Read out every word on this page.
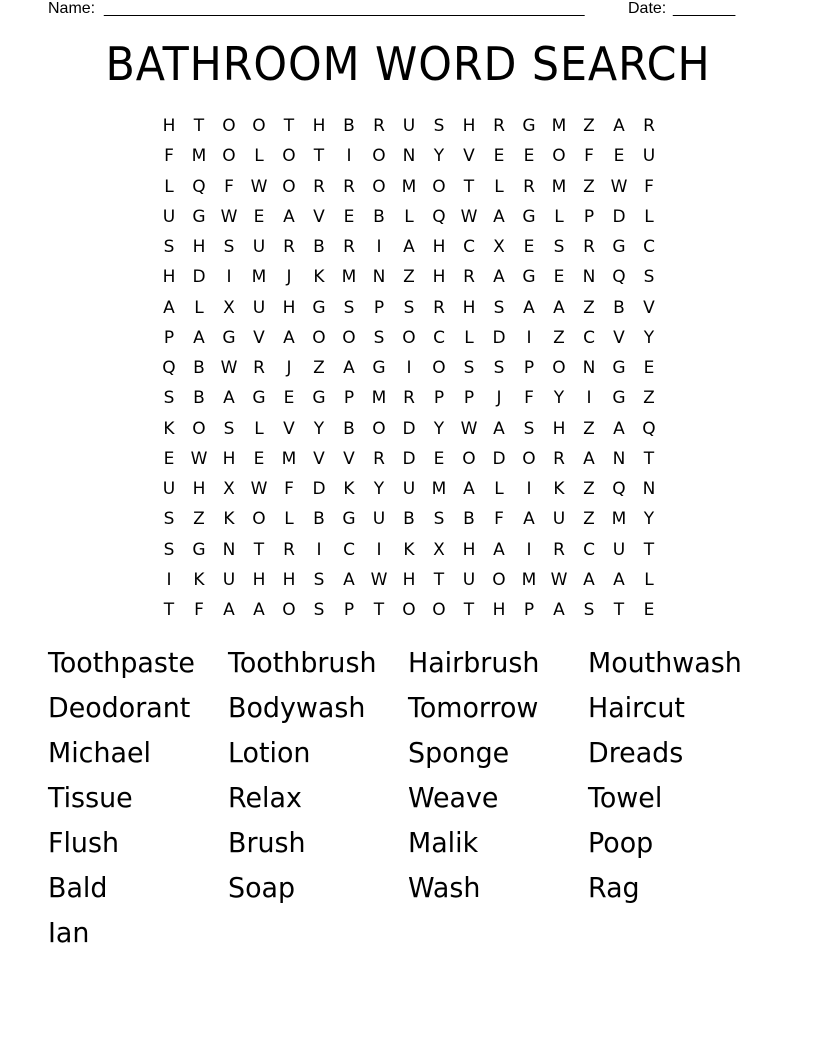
Name: ______________________________________________________	Date: _______
BATHROOM WORD SEARCH
H	T	O O	T	H	B	R	U	S	H	R	G M Z	A	R
F	M O	L	O	T	I	O N	Y	V	E	E	O	F	E	U
L	Q	F W O	R	R	O M O	T	L	R M Z W F
U	G W E	A	V	E	B	L	Q W A	G	L	P	D	L
S	H	S	U	R	B	R	I	A	H	C	X	E	S	R	G	C
H	D	I	M	J	K	M N	Z	H	R	A	G	E	N Q	S
A	L	X	U	H	G	S	P	S	R	H	S	A	A	Z	B	V
P	A	G	V	A	O O	S	O	C	L	D	I	Z	C	V	Y
Q	B W R	J	Z	A	G	I	O	S	S	P	O N	G	E
S	B	A	G	E	G	P	M R	P	P	J	F	Y	I	G	Z
K	O	S	L	V	Y	B	O D	Y W A	S	H	Z	A	Q
E W H	E	M V	V	R	D	E	O D O	R	A	N	T
U	H	X W F	D	K	Y	U M A	L	I	K	Z	Q N
S	Z	K	O	L	B	G	U	B	S	B	F	A	U	Z M	Y
S	G	N	T	R	I	C	I	K	X	H	A	I	R	C	U	T
I	K	U	H	H	S	A W H	T	U	O M W A	A	L
T	F	A	A	O	S	P	T	O O	T	H	P	A	S	T	E
Toothpaste	Toothbrush	Hairbrush	Mouthwash
Deodorant	Bodywash	Tomorrow	Haircut
Michael	Lotion	Sponge	Dreads
Tissue	Relax	Weave	Towel
Flush	Brush	Malik	Poop
Bald	Soap	Wash	Rag
Ian
